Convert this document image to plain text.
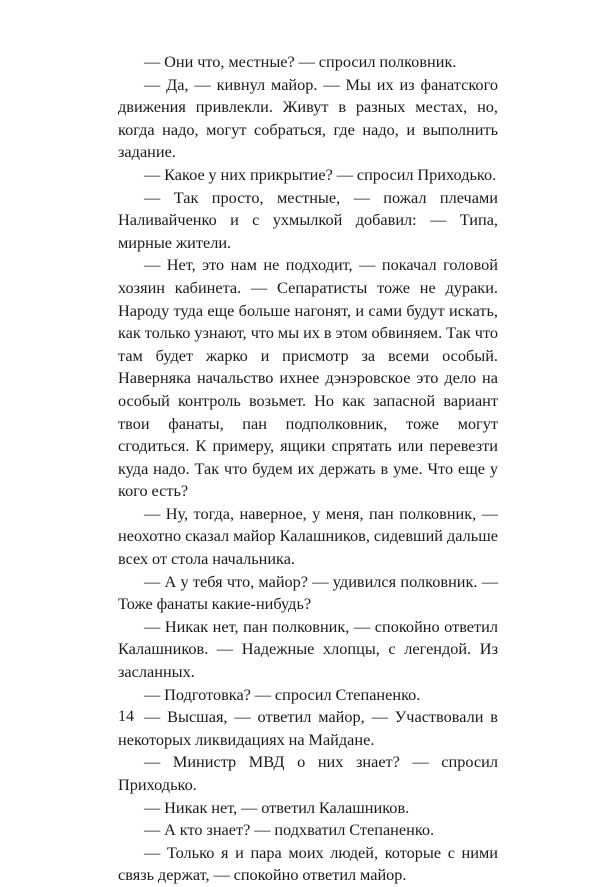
— Они что, местные? — спросил полковник.

— Да, — кивнул майор. — Мы их из фанатского движения привлекли. Живут в разных местах, но, когда надо, могут собраться, где надо, и выполнить задание.

— Какое у них прикрытие? — спросил Приходько.

— Так просто, местные, — пожал плечами Наливайченко и с ухмылкой добавил: — Типа, мирные жители.

— Нет, это нам не подходит, — покачал головой хозяин кабинета. — Сепаратисты тоже не дураки. Народу туда еще больше нагонят, и сами будут искать, как только узнают, что мы их в этом обвиняем. Так что там будет жарко и присмотр за всеми особый. Наверняка начальство ихнее дэнэровское это дело на особый контроль возьмет. Но как запасной вариант твои фанаты, пан подполковник, тоже могут сгодиться. К примеру, ящики спрятать или перевезти куда надо. Так что будем их держать в уме. Что еще у кого есть?

— Ну, тогда, наверное, у меня, пан полковник, — неохотно сказал майор Калашников, сидевший дальше всех от стола начальника.

— А у тебя что, майор? — удивился полковник. — Тоже фанаты какие-нибудь?

— Никак нет, пан полковник, — спокойно ответил Калашников. — Надежные хлопцы, с легендой. Из засланных.

— Подготовка? — спросил Степаненко.

— Высшая, — ответил майор, — Участвовали в некоторых ликвидациях на Майдане.

— Министр МВД о них знает? — спросил Приходько.

— Никак нет, — ответил Калашников.

— А кто знает? — подхватил Степаненко.

— Только я и пара моих людей, которые с ними связь держат, — спокойно ответил майор.

14
